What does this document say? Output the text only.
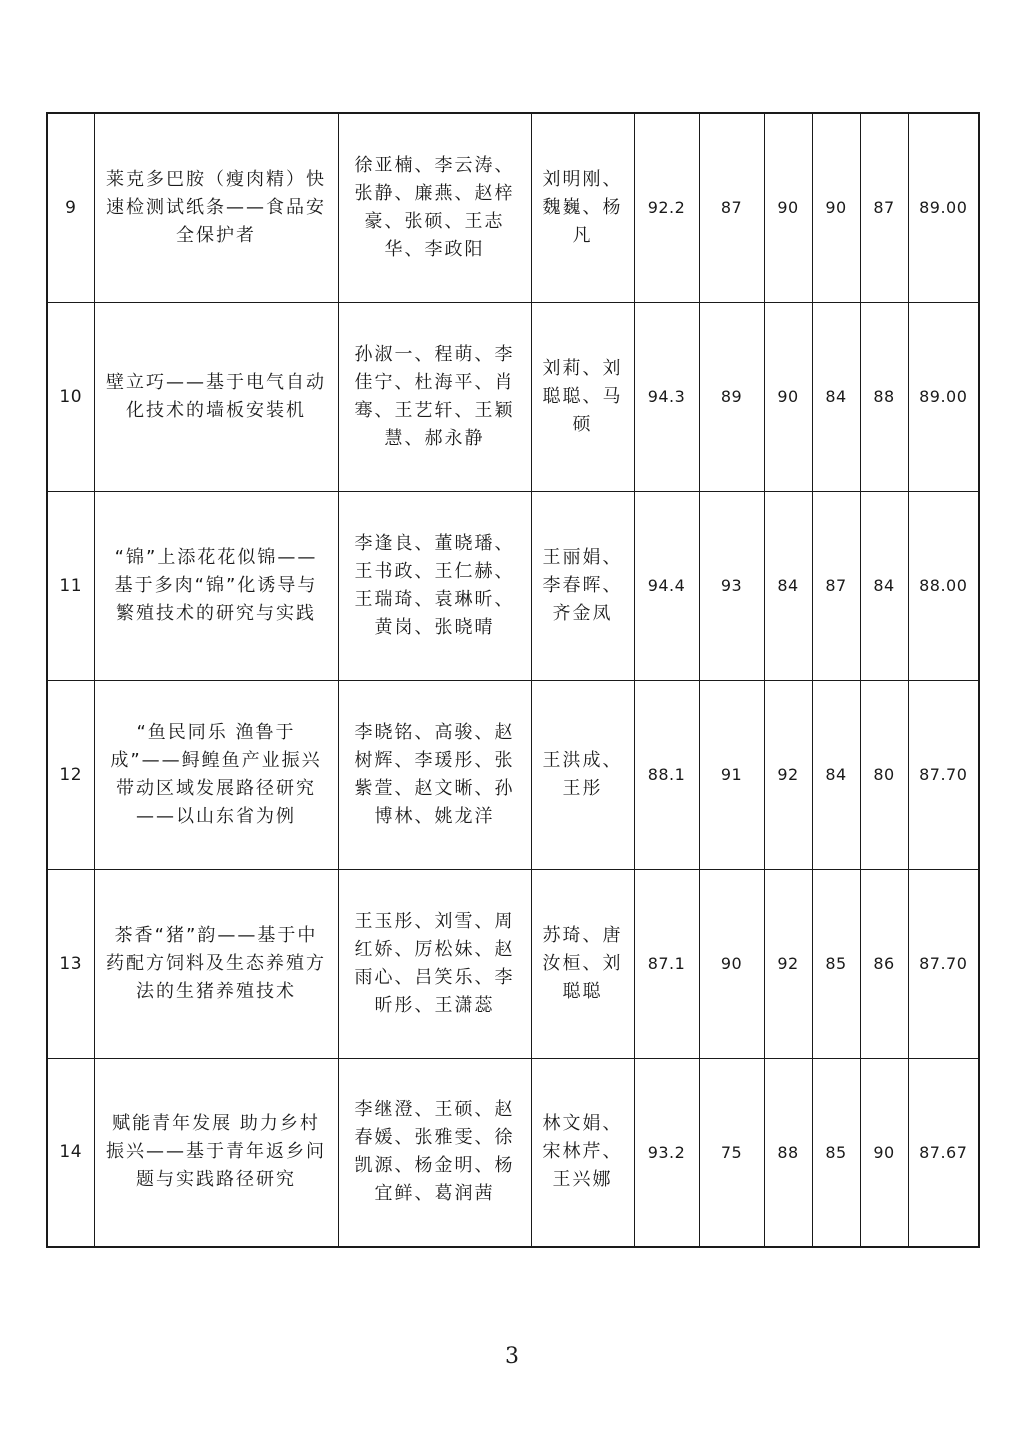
9	莱克多巴胺（瘦肉精）快速检测试纸条——食品安全保护者	徐亚楠、李云涛、张静、廉燕、赵梓豪、张硕、王志华、李政阳	刘明刚、魏巍、杨凡	92.2	87	90	90	87	89.00
10	壁立巧——基于电气自动化技术的墙板安装机	孙淑一、程萌、李佳宁、杜海平、肖骞、王艺轩、王颖慧、郝永静	刘莉、刘聪聪、马硕	94.3	89	90	84	88	89.00
11	“锦”上添花花似锦——基于多肉“锦”化诱导与繁殖技术的研究与实践	李逢良、董晓璠、王书政、王仁赫、王瑞琦、袁琳昕、黄岗、张晓晴	王丽娟、李春晖、齐金凤	94.4	93	84	87	84	88.00
12	“鱼民同乐 渔鲁于成”——鲟鳇鱼产业振兴带动区域发展路径研究——以山东省为例	李晓铭、高骏、赵树辉、李瑗彤、张紫萱、赵文晰、孙博林、姚龙洋	王洪成、王彤	88.1	91	92	84	80	87.70
13	茶香“猪”韵——基于中药配方饲料及生态养殖方法的生猪养殖技术	王玉彤、刘雪、周红娇、厉松妹、赵雨心、吕笑乐、李昕彤、王潇蕊	苏琦、唐汝桓、刘聪聪	87.1	90	92	85	86	87.70
14	赋能青年发展 助力乡村振兴——基于青年返乡问题与实践路径研究	李继澄、王硕、赵春媛、张雅雯、徐凯源、杨金明、杨宜鲜、葛润茜	林文娟、宋林芹、王兴娜	93.2	75	88	85	90	87.67
3
